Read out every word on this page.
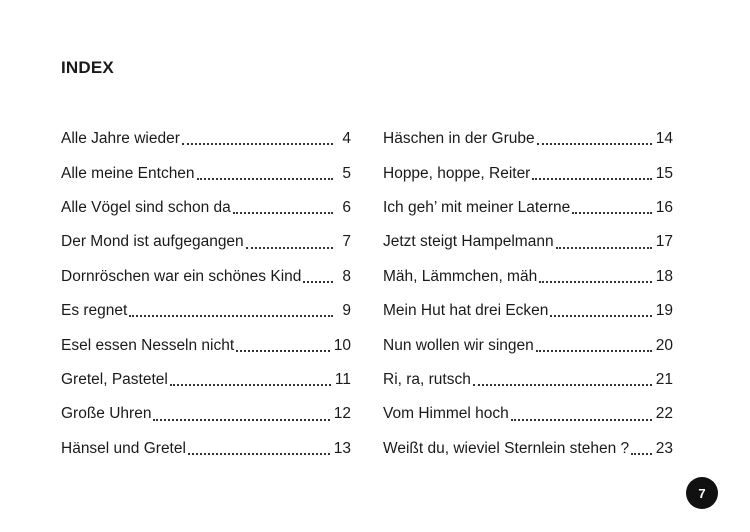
INDEX
Alle Jahre wieder	4
Alle meine Entchen	5
Alle Vögel sind schon da	6
Der Mond ist aufgegangen	7
Dornröschen war ein schönes Kind	8
Es regnet	9
Esel essen Nesseln nicht	10
Gretel, Pastetel	11
Große Uhren	12
Hänsel und Gretel	13
Häschen in der Grube	14
Hoppe, hoppe, Reiter	15
Ich geh’ mit meiner Laterne	16
Jetzt steigt Hampelmann	17
Mäh, Lämmchen, mäh	18
Mein Hut hat drei Ecken	19
Nun wollen wir singen	20
Ri, ra, rutsch	21
Vom Himmel hoch	22
Weißt du, wieviel Sternlein stehen ? 23
7
